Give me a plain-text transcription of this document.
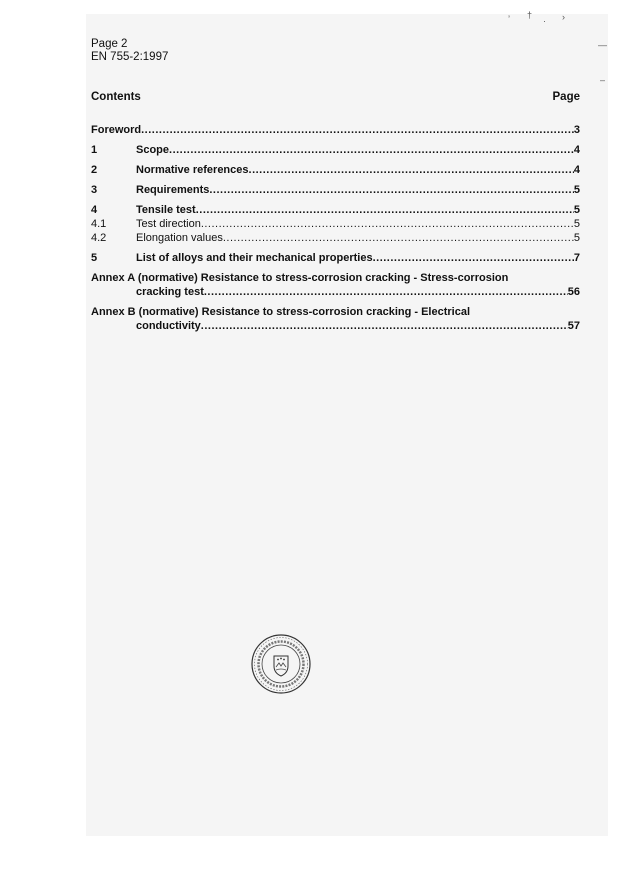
Page 2
EN 755-2:1997
Contents	Page
Foreword .....	3
1	Scope .....	4
2	Normative references .....	4
3	Requirements .....	5
4	Tensile test .....	5
4.1	Test direction .....	5
4.2	Elongation values .....	5
5	List of alloys and their mechanical properties .....	7
Annex A (normative) Resistance to stress-corrosion cracking - Stress-corrosion
cracking test .....	56
Annex B (normative) Resistance to stress-corrosion cracking - Electrical
conductivity .....	57
’ †
· ›
—
–
